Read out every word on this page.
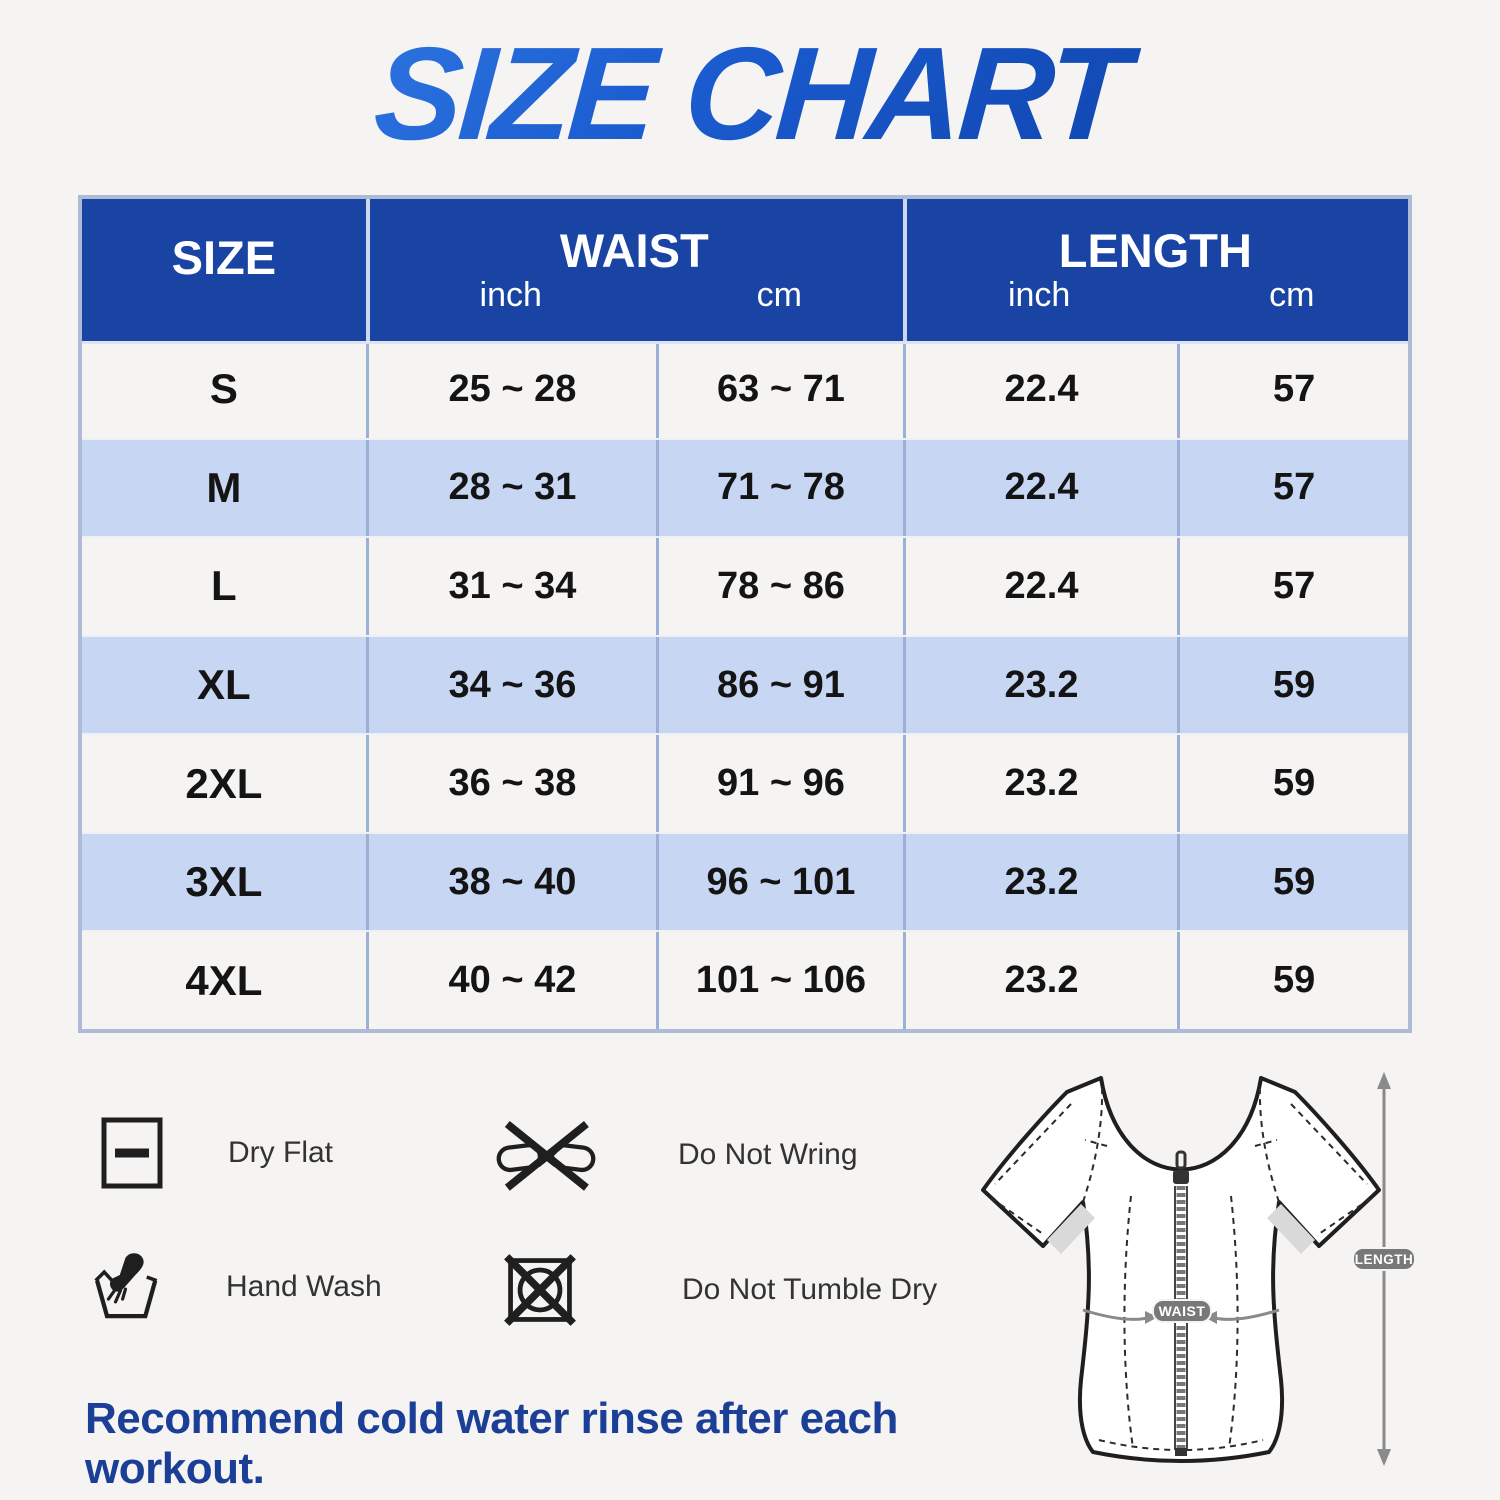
SIZE CHART
SIZE	WAIST	LENGTH
inch	cm	inch	cm
S	25 ~ 28	63 ~ 71	22.4	57
M	28 ~ 31	71 ~ 78	22.4	57
L	31 ~ 34	78 ~ 86	22.4	57
XL	34 ~ 36	86 ~ 91	23.2	59
2XL	36 ~ 38	91 ~ 96	23.2	59
3XL	38 ~ 40	96 ~ 101	23.2	59
4XL	40 ~ 42	101 ~ 106	23.2	59
Dry Flat	Do Not Wring
Hand Wash	Do Not Tumble Dry
WAIST
LENGTH
Recommend cold water rinse after each workout.
